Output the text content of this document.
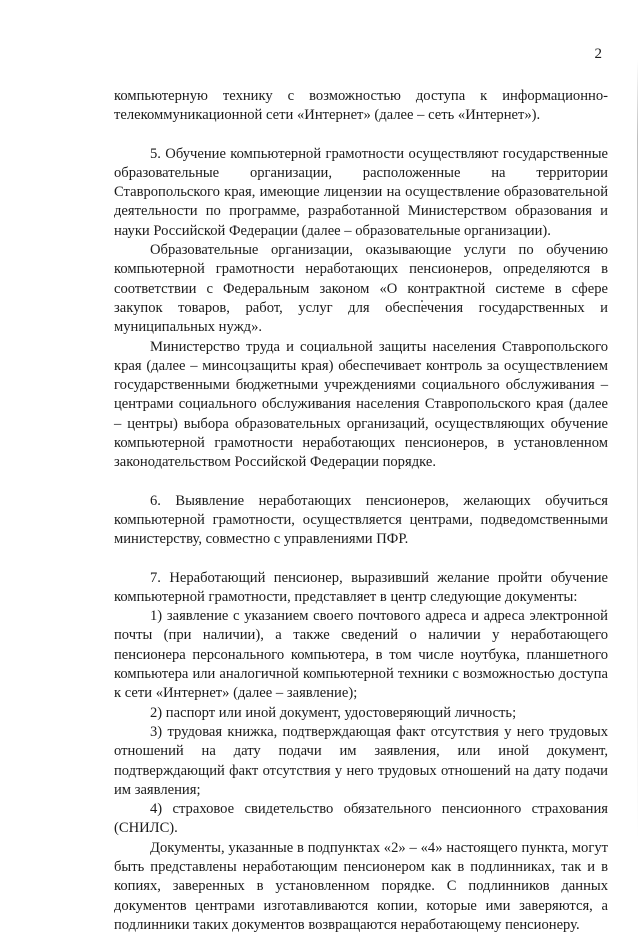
2

компьютерную технику с возможностью доступа к информационно-телекоммуникационной сети «Интернет» (далее – сеть «Интернет»).

5. Обучение компьютерной грамотности осуществляют государственные образовательные организации, расположенные на территории Ставропольского края, имеющие лицензии на осуществление образовательной деятельности по программе, разработанной Министерством образования и науки Российской Федерации (далее – образовательные организации).

Образовательные организации, оказывающие услуги по обучению компьютерной грамотности неработающих пенсионеров, определяются в соответствии с Федеральным законом «О контрактной системе в сфере закупок товаров, работ, услуг для обеспечения государственных и муниципальных нужд».

Министерство труда и социальной защиты населения Ставропольского края (далее – минсоцзащиты края) обеспечивает контроль за осуществлением государственными бюджетными учреждениями социального обслуживания – центрами социального обслуживания населения Ставропольского края (далее – центры) выбора образовательных организаций, осуществляющих обучение компьютерной грамотности неработающих пенсионеров, в установленном законодательством Российской Федерации порядке.

6. Выявление неработающих пенсионеров, желающих обучиться компьютерной грамотности, осуществляется центрами, подведомственными министерству, совместно с управлениями ПФР.

7. Неработающий пенсионер, выразивший желание пройти обучение компьютерной грамотности, представляет в центр следующие документы:

1) заявление с указанием своего почтового адреса и адреса электронной почты (при наличии), а также сведений о наличии у неработающего пенсионера персонального компьютера, в том числе ноутбука, планшетного компьютера или аналогичной компьютерной техники с возможностью доступа к сети «Интернет» (далее – заявление);

2) паспорт или иной документ, удостоверяющий личность;

3) трудовая книжка, подтверждающая факт отсутствия у него трудовых отношений на дату подачи им заявления, или иной документ, подтверждающий факт отсутствия у него трудовых отношений на дату подачи им заявления;

4) страховое свидетельство обязательного пенсионного страхования (СНИЛС).

Документы, указанные в подпунктах «2» – «4» настоящего пункта, могут быть представлены неработающим пенсионером как в подлинниках, так и в копиях, заверенных в установленном порядке. С подлинников данных документов центрами изготавливаются копии, которые ими заверяются, а подлинники таких документов возвращаются неработающему пенсионеру.
